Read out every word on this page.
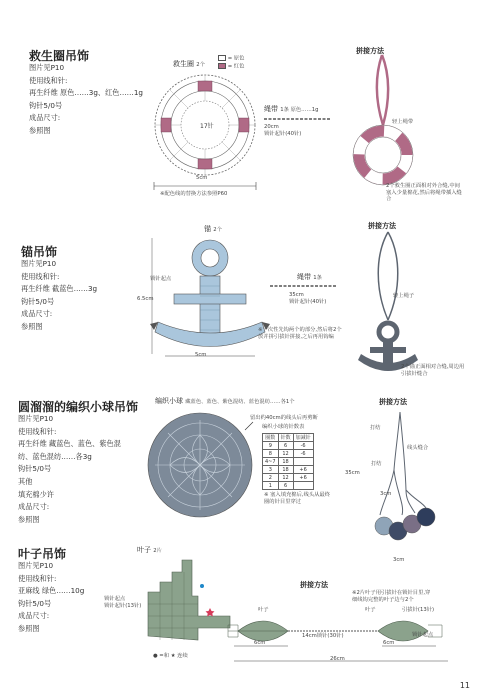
救生圈吊饰
图片见P10
使用线和针:
再生纤维 原色……3g、红色……1g
钩针5/0号
成品尺寸:
参照图
救生圈 2个
= 原色
= 红色
17针
5cm
※配色线的替换方法参照P60
绳带 1条 原色……1g
20cm
锁针起针(40针)
拼接方法
轻上绳带
2个救生圈正面相对外合缝,中间塞入少量棉花,然后将绳带插入缝合
锚吊饰
图片见P10
使用线和针:
再生纤维 截蓝色……3g
钩针5/0号
成品尺寸:
参照图
锚 2个
锁针起点
6.5cm
5cm
绳带 1条
35cm
锁针起针(40针)
※一次性先钩两个的部分,然后将2个放并拼引拔针拼接,之后再用钩编
拼接方法
轻上绳子
2个锚正面相对合缝,周边用引拔针缝合
圆溜溜的编织小球吊饰
图片见P10
使用线和针:
再生纤维 藏蓝色、蓝色、紫色混
纺、蓝色混纺……各3g
钩针5/0号
其他
填充棉少许
成品尺寸:
参照图
编织小球 藏蓝色、蓝色、紫色混纺、蓝色混纺……各1个
留出约40cm的线头后再剪断
编织小球的针数表
圈数	针数	加减针
9	6	-6
8	12	-6
4~7	18	
3	18	+6
2	12	+6
1	6	
※ 塞入填充棉后,线头从最终圈的针目里穿过
拼接方法
打结
线头缝合
打结
35cm
3cm
3cm
叶子吊饰
图片见P10
使用线和针:
亚麻线 绿色……10g
钩针5/0号
成品尺寸:
参照图
叶子 2片
锁针起点
锁针起针(13针)
● =和 ★ 连续
拼接方法
※2片叶子用引拔针在锁针目里,穿细线钩完整的叶子边与2个
叶子	叶子
14cm锁针(30针)
引拔针(13针)
锁针起点
6cm	6cm
26cm
11
